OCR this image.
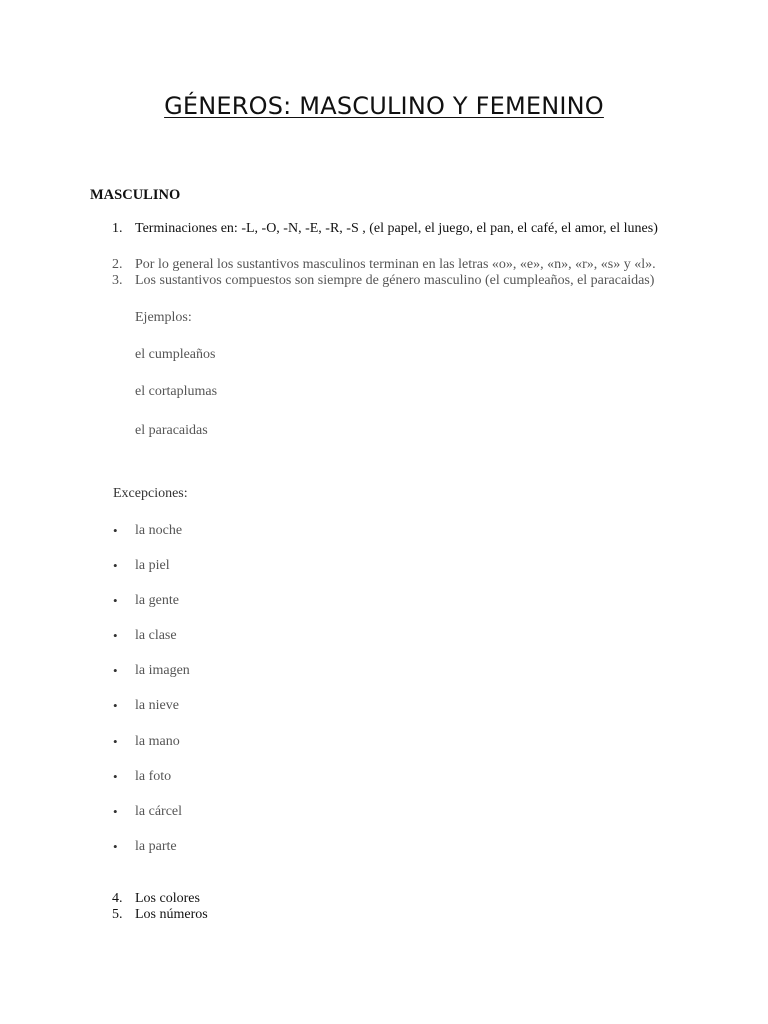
GÉNEROS: MASCULINO Y FEMENINO
MASCULINO
1. Terminaciones en: -L, -O, -N, -E, -R, -S , (el papel, el juego, el pan, el café, el amor, el lunes)
2. Por lo general los sustantivos masculinos terminan en las letras «o», «e», «n», «r», «s» y «l».
3. Los sustantivos compuestos son siempre de género masculino (el cumpleaños, el paracaidas)
Ejemplos:
el cumpleaños
el cortaplumas
el paracaidas
Excepciones:
• la noche
• la piel
• la gente
• la clase
• la imagen
• la nieve
• la mano
• la foto
• la cárcel
• la parte
4. Los colores
5. Los números
